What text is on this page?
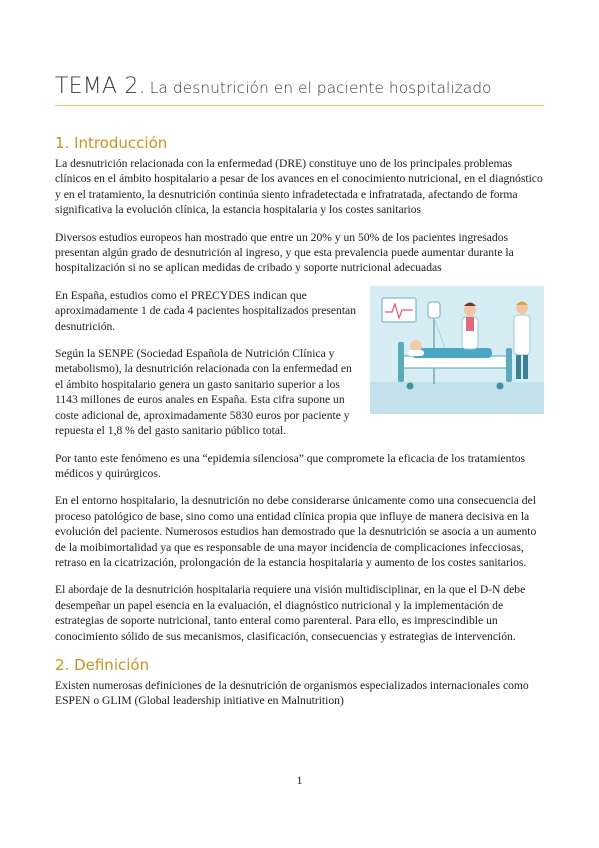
TEMA 2. La desnutrición en el paciente hospitalizado
1. Introducción

La desnutrición relacionada con la enfermedad (DRE) constituye uno de los principales problemas clínicos en el ámbito hospitalario a pesar de los avances en el conocimiento nutricional, en el diagnóstico y en el tratamiento, la desnutrición continúa siento infradetectada e infratratada, afectando de forma significativa la evolución clínica, la estancia hospitalaria y los costes sanitarios

Diversos estudios europeos han mostrado que entre un 20% y un 50% de los pacientes ingresados presentan algún grado de desnutrición al ingreso, y que esta prevalencia puede aumentar durante la hospitalización si no se aplican medidas de cribado y soporte nutricional adecuadas

En España, estudios como el PRECYDES indican que aproximadamente 1 de cada 4 pacientes hospitalizados presentan desnutrición.

Según la SENPE (Sociedad Española de Nutrición Clínica y metabolismo), la desnutrición relacionada con la enfermedad en el ámbito hospitalario genera un gasto sanitario superior a los 1143 millones de euros anales en España. Esta cifra supone un coste adicional de, aproximadamente 5830 euros por paciente y repuesta el 1,8 % del gasto sanitario público total.

Por tanto este fenómeno es una “epidemia silenciosa” que compromete la eficacia de los tratamientos médicos y quirúrgicos.

En el entorno hospitalario, la desnutrición no debe considerarse únicamente como una consecuencia del proceso patológico de base, sino como una entidad clínica propia que influye de manera decisiva en la evolución del paciente. Numerosos estudios han demostrado que la desnutrición se asocia a un aumento de la moibimortalidad ya que es responsable de una mayor incidencia de complicaciones infecciosas, retraso en la cicatrización, prolongación de la estancia hospitalaria y aumento de los costes sanitarios.

El abordaje de la desnutrición hospitalaria requiere una visión multidisciplinar, en la que el D-N debe desempeñar un papel esencia en la evaluación, el diagnóstico nutricional y la implementación de estrategias de soporte nutricional, tanto enteral como parenteral. Para ello, es imprescindible un conocimiento sólido de sus mecanismos, clasificación, consecuencias y estrategias de intervención.

2. Definición

Existen numerosas definiciones de la desnutrición de organismos especializados internacionales como ESPEN o GLIM (Global leadership initiative en Malnutrition)

1
